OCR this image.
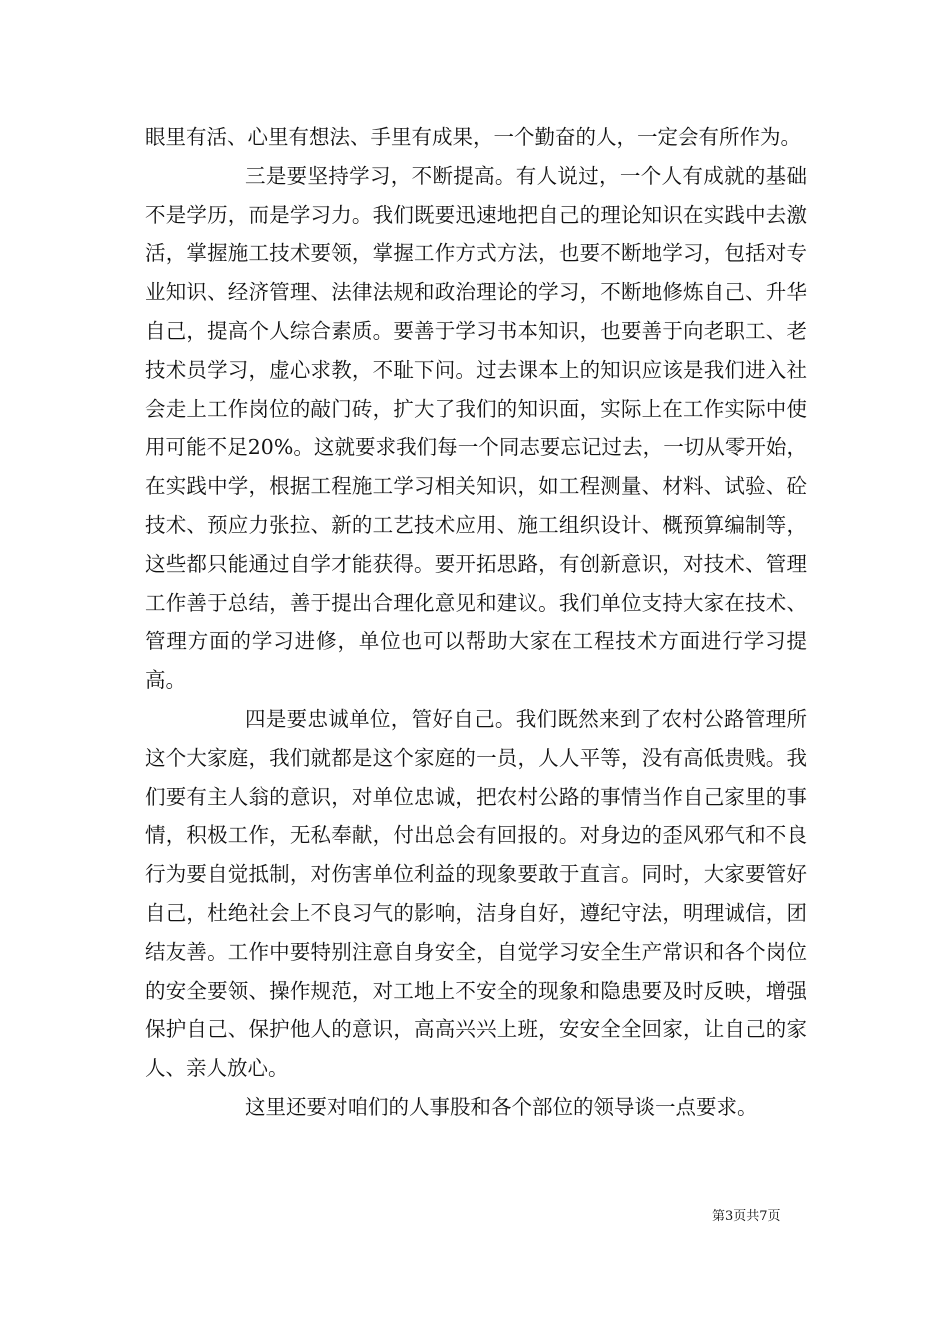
眼里有活、心里有想法、手里有成果，一个勤奋的人，一定会有所作为。

三是要坚持学习，不断提高。有人说过，一个人有成就的基础不是学历，而是学习力。我们既要迅速地把自己的理论知识在实践中去激活，掌握施工技术要领，掌握工作方式方法，也要不断地学习，包括对专业知识、经济管理、法律法规和政治理论的学习，不断地修炼自己、升华自己，提高个人综合素质。要善于学习书本知识，也要善于向老职工、老技术员学习，虚心求教，不耻下问。过去课本上的知识应该是我们进入社会走上工作岗位的敲门砖，扩大了我们的知识面，实际上在工作实际中使用可能不足20%。这就要求我们每一个同志要忘记过去，一切从零开始，在实践中学，根据工程施工学习相关知识，如工程测量、材料、试验、砼技术、预应力张拉、新的工艺技术应用、施工组织设计、概预算编制等，这些都只能通过自学才能获得。要开拓思路，有创新意识，对技术、管理工作善于总结，善于提出合理化意见和建议。我们单位支持大家在技术、管理方面的学习进修，单位也可以帮助大家在工程技术方面进行学习提高。

四是要忠诚单位，管好自己。我们既然来到了农村公路管理所这个大家庭，我们就都是这个家庭的一员，人人平等，没有高低贵贱。我们要有主人翁的意识，对单位忠诚，把农村公路的事情当作自己家里的事情，积极工作，无私奉献，付出总会有回报的。对身边的歪风邪气和不良行为要自觉抵制，对伤害单位利益的现象要敢于直言。同时，大家要管好自己，杜绝社会上不良习气的影响，洁身自好，遵纪守法，明理诚信，团结友善。工作中要特别注意自身安全，自觉学习安全生产常识和各个岗位的安全要领、操作规范，对工地上不安全的现象和隐患要及时反映，增强保护自己、保护他人的意识，高高兴兴上班，安安全全回家，让自己的家人、亲人放心。

这里还要对咱们的人事股和各个部位的领导谈一点要求。

第3页共7页
